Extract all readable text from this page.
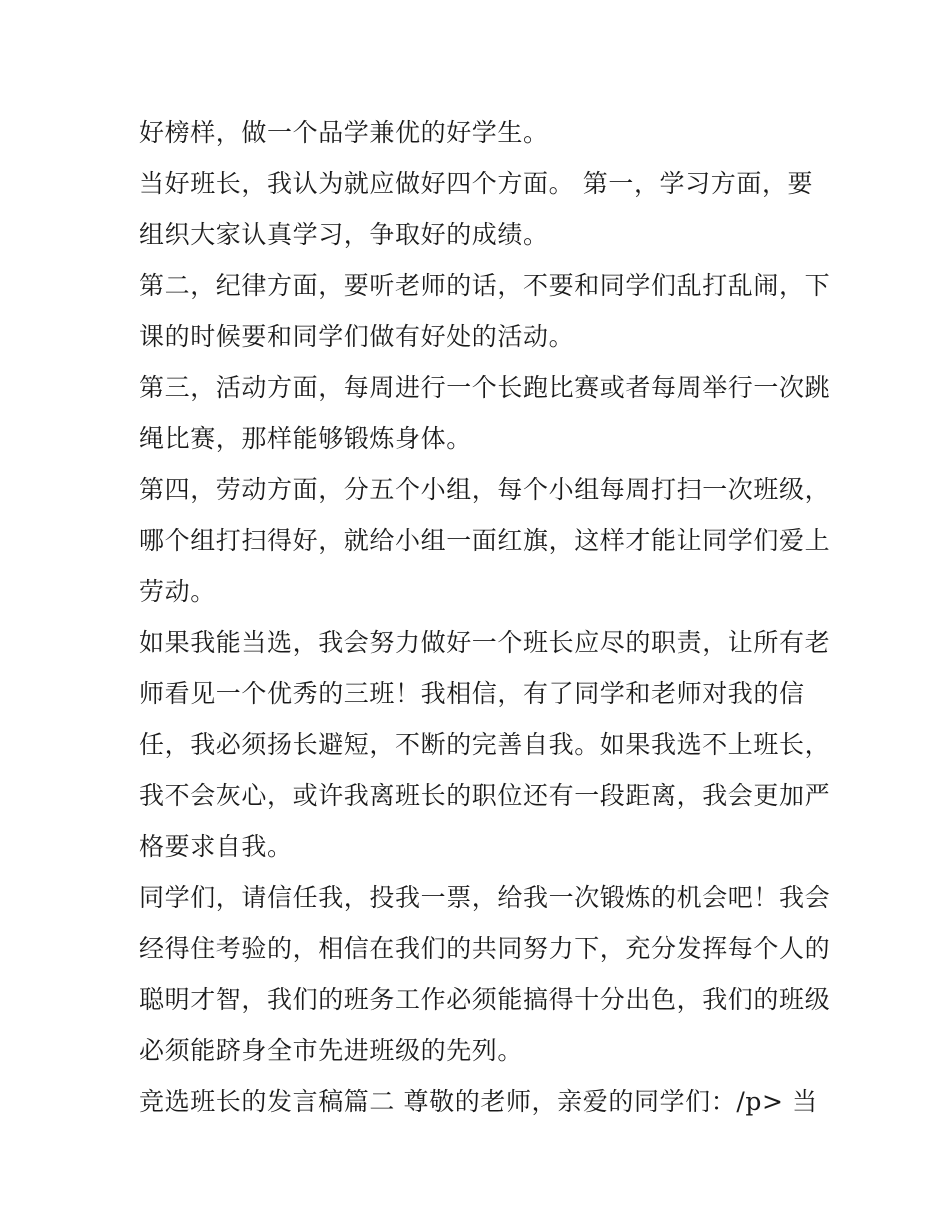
好榜样，做一个品学兼优的好学生。
当好班长，我认为就应做好四个方面。 第一，学习方面，要
组织大家认真学习，争取好的成绩。
第二，纪律方面，要听老师的话，不要和同学们乱打乱闹，下
课的时候要和同学们做有好处的活动。
第三，活动方面，每周进行一个长跑比赛或者每周举行一次跳
绳比赛，那样能够锻炼身体。
第四，劳动方面，分五个小组，每个小组每周打扫一次班级，
哪个组打扫得好，就给小组一面红旗，这样才能让同学们爱上
劳动。
如果我能当选，我会努力做好一个班长应尽的职责，让所有老
师看见一个优秀的三班！我相信，有了同学和老师对我的信
任，我必须扬长避短，不断的完善自我。如果我选不上班长，
我不会灰心，或许我离班长的职位还有一段距离，我会更加严
格要求自我。
同学们，请信任我，投我一票，给我一次锻炼的机会吧！我会
经得住考验的，相信在我们的共同努力下，充分发挥每个人的
聪明才智，我们的班务工作必须能搞得十分出色，我们的班级
必须能跻身全市先进班级的先列。
竞选班长的发言稿篇二 尊敬的老师，亲爱的同学们：/p> 当
